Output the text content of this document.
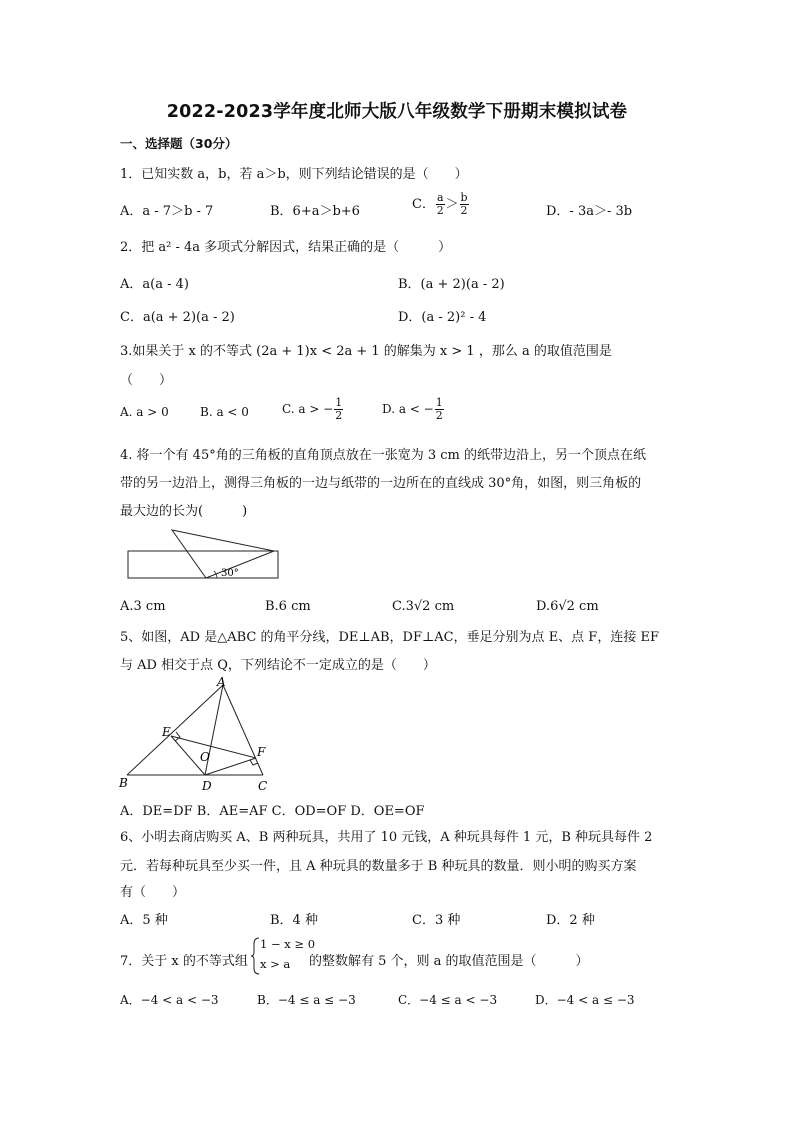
2022-2023学年度北师大版八年级数学下册期末模拟试卷
一、选择题（30分）
1．已知实数 a，b，若 a＞b，则下列结论错误的是（　　）
A．a - 7＞b - 7	B．6+a＞b+6	C． $\frac{a}{2} > \frac{b}{2}$	D．- 3a＞- 3b
2．把 a² - 4a 多项式分解因式，结果正确的是（　　　）
A．a(a - 4)	B．(a + 2)(a - 2)
C．a(a + 2)(a - 2)	D．(a - 2)² - 4
3.如果关于 x 的不等式 (2a + 1)x < 2a + 1 的解集为 x > 1 ，那么 a 的取值范围是
（　　）
A. a > 0	B. a < 0	C. a > − $\frac{1}{2}$	D. a < − $\frac{1}{2}$
4. 将一个有 45°角的三角板的直角顶点放在一张宽为 3 cm 的纸带边沿上，另一个顶点在纸
带的另一边沿上，测得三角板的一边与纸带的一边所在的直线成 30°角，如图，则三角板的
最大边的长为(　　　)
30°
A.3 cm	B.6 cm	C.3√2 cm	D.6√2 cm
5、如图，AD 是△ABC 的角平分线，DE⊥AB，DF⊥AC，垂足分别为点 E、点 F，连接 EF
与 AD 相交于点 Q，下列结论不一定成立的是（　　）
A
E
O	F
B	D	C
A．DE=DF B．AE=AF C．OD=OF D．OE=OF
6、小明去商店购买 A、B 两种玩具，共用了 10 元钱，A 种玩具每件 1 元，B 种玩具每件 2
元．若每种玩具至少买一件，且 A 种玩具的数量多于 B 种玩具的数量．则小明的购买方案
有（　　）
A．5 种	B．4 种	C．3 种	D．2 种
7．关于 x 的不等式组
1 − x ≥ 0
x > a 的整数解有 5 个，则 a 的取值范围是（　　　）
A．−4 < a < −3	B．−4 ≤ a ≤ −3	C．−4 ≤ a < −3	D．−4 < a ≤ −3
